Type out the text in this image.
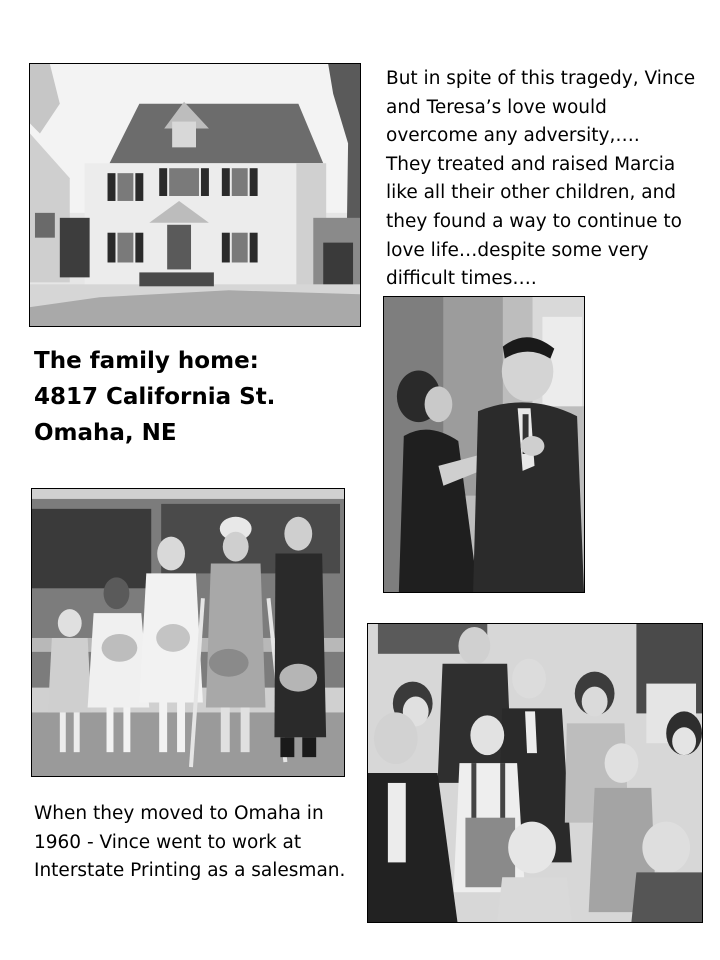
But in spite of this tragedy, Vince
and Teresa’s love would
overcome any adversity,….
They treated and raised Marcia
like all their other children, and
they found a way to continue to
love life…despite some very
difficult times….

The family home:
4817 California St.
Omaha, NE

When they moved to Omaha in
1960 - Vince went to work at
Interstate Printing as a salesman.
